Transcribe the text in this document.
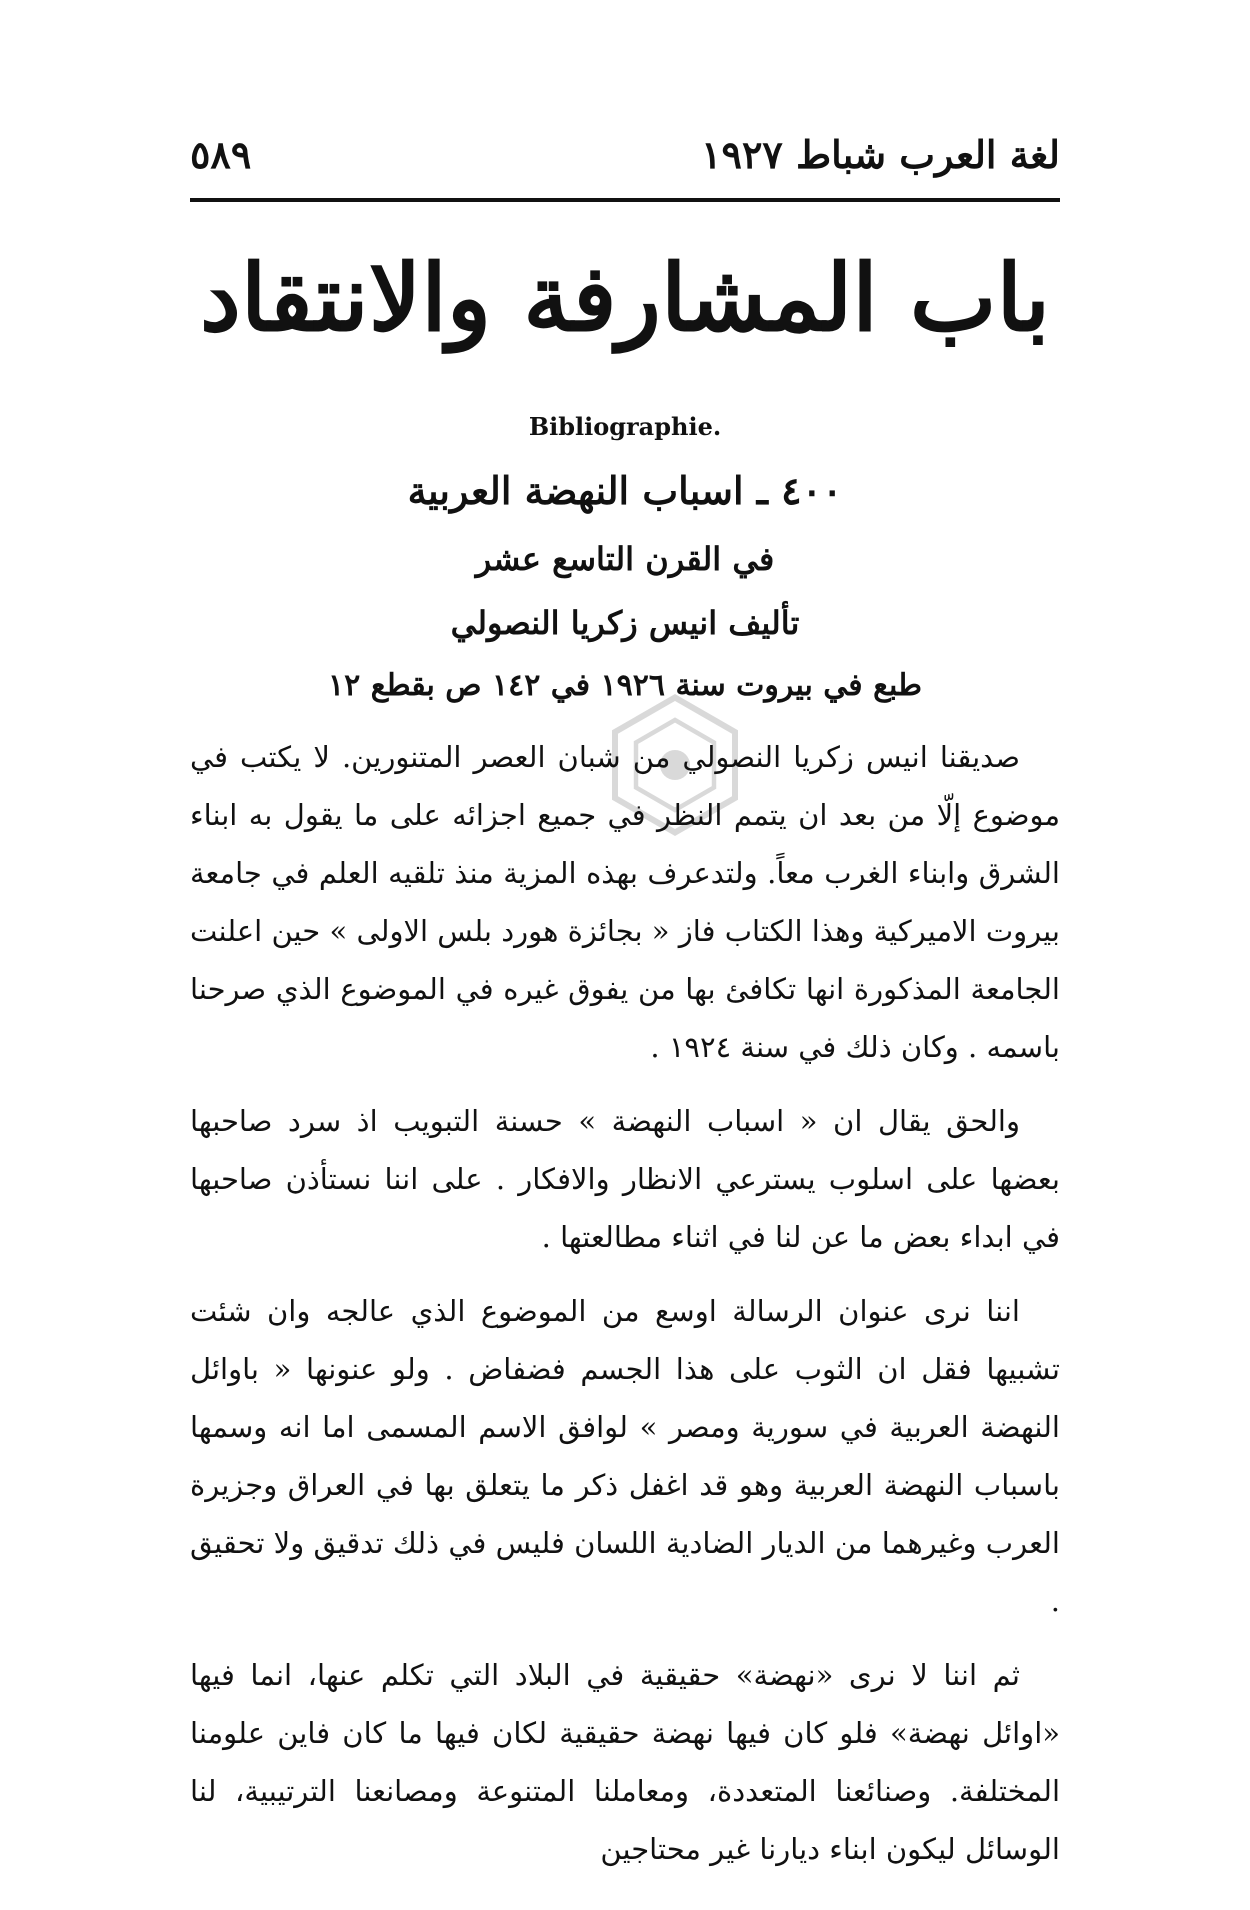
لغة العرب شباط ١٩٢٧
٥٨٩
باب المشارفة والانتقاد
Bibliographie.
٤٠٠ ـ اسباب النهضة العربية
في القرن التاسع عشر
تأليف انيس زكريا النصولي
طبع في بيروت سنة ١٩٢٦ في ١٤٢ ص بقطع ١٢

صديقنا انيس زكريا النصولي من شبان العصر المتنورين. لا يكتب في موضوع إلّا من بعد ان يتمم النظر في جميع اجزائه على ما يقول به ابناء الشرق وابناء الغرب معاً. ولتدعرف بهذه المزية منذ تلقيه العلم في جامعة بيروت الاميركية وهذا الكتاب فاز « بجائزة هورد بلس الاولى » حين اعلنت الجامعة المذكورة انها تكافئ بها من يفوق غيره في الموضوع الذي صرحنا باسمه . وكان ذلك في سنة ١٩٢٤ .

والحق يقال ان « اسباب النهضة » حسنة التبويب اذ سرد صاحبها بعضها على اسلوب يسترعي الانظار والافكار . على اننا نستأذن صاحبها في ابداء بعض ما عن لنا في اثناء مطالعتها .

اننا نرى عنوان الرسالة اوسع من الموضوع الذي عالجه وان شئت تشبيها فقل ان الثوب على هذا الجسم فضفاض . ولو عنونها « باوائل النهضة العربية في سورية ومصر » لوافق الاسم المسمى اما انه وسمها باسباب النهضة العربية وهو قد اغفل ذكر ما يتعلق بها في العراق وجزيرة العرب وغيرهما من الديار الضادية اللسان فليس في ذلك تدقيق ولا تحقيق .

ثم اننا لا نرى «نهضة» حقيقية في البلاد التي تكلم عنها، انما فيها «اوائل نهضة» فلو كان فيها نهضة حقيقية لكان فيها ما كان فاين علومنا المختلفة. وصنائعنا المتعددة، ومعاملنا المتنوعة ومصانعنا الترتيبية، لنا الوسائل ليكون ابناء ديارنا غير محتاجين
